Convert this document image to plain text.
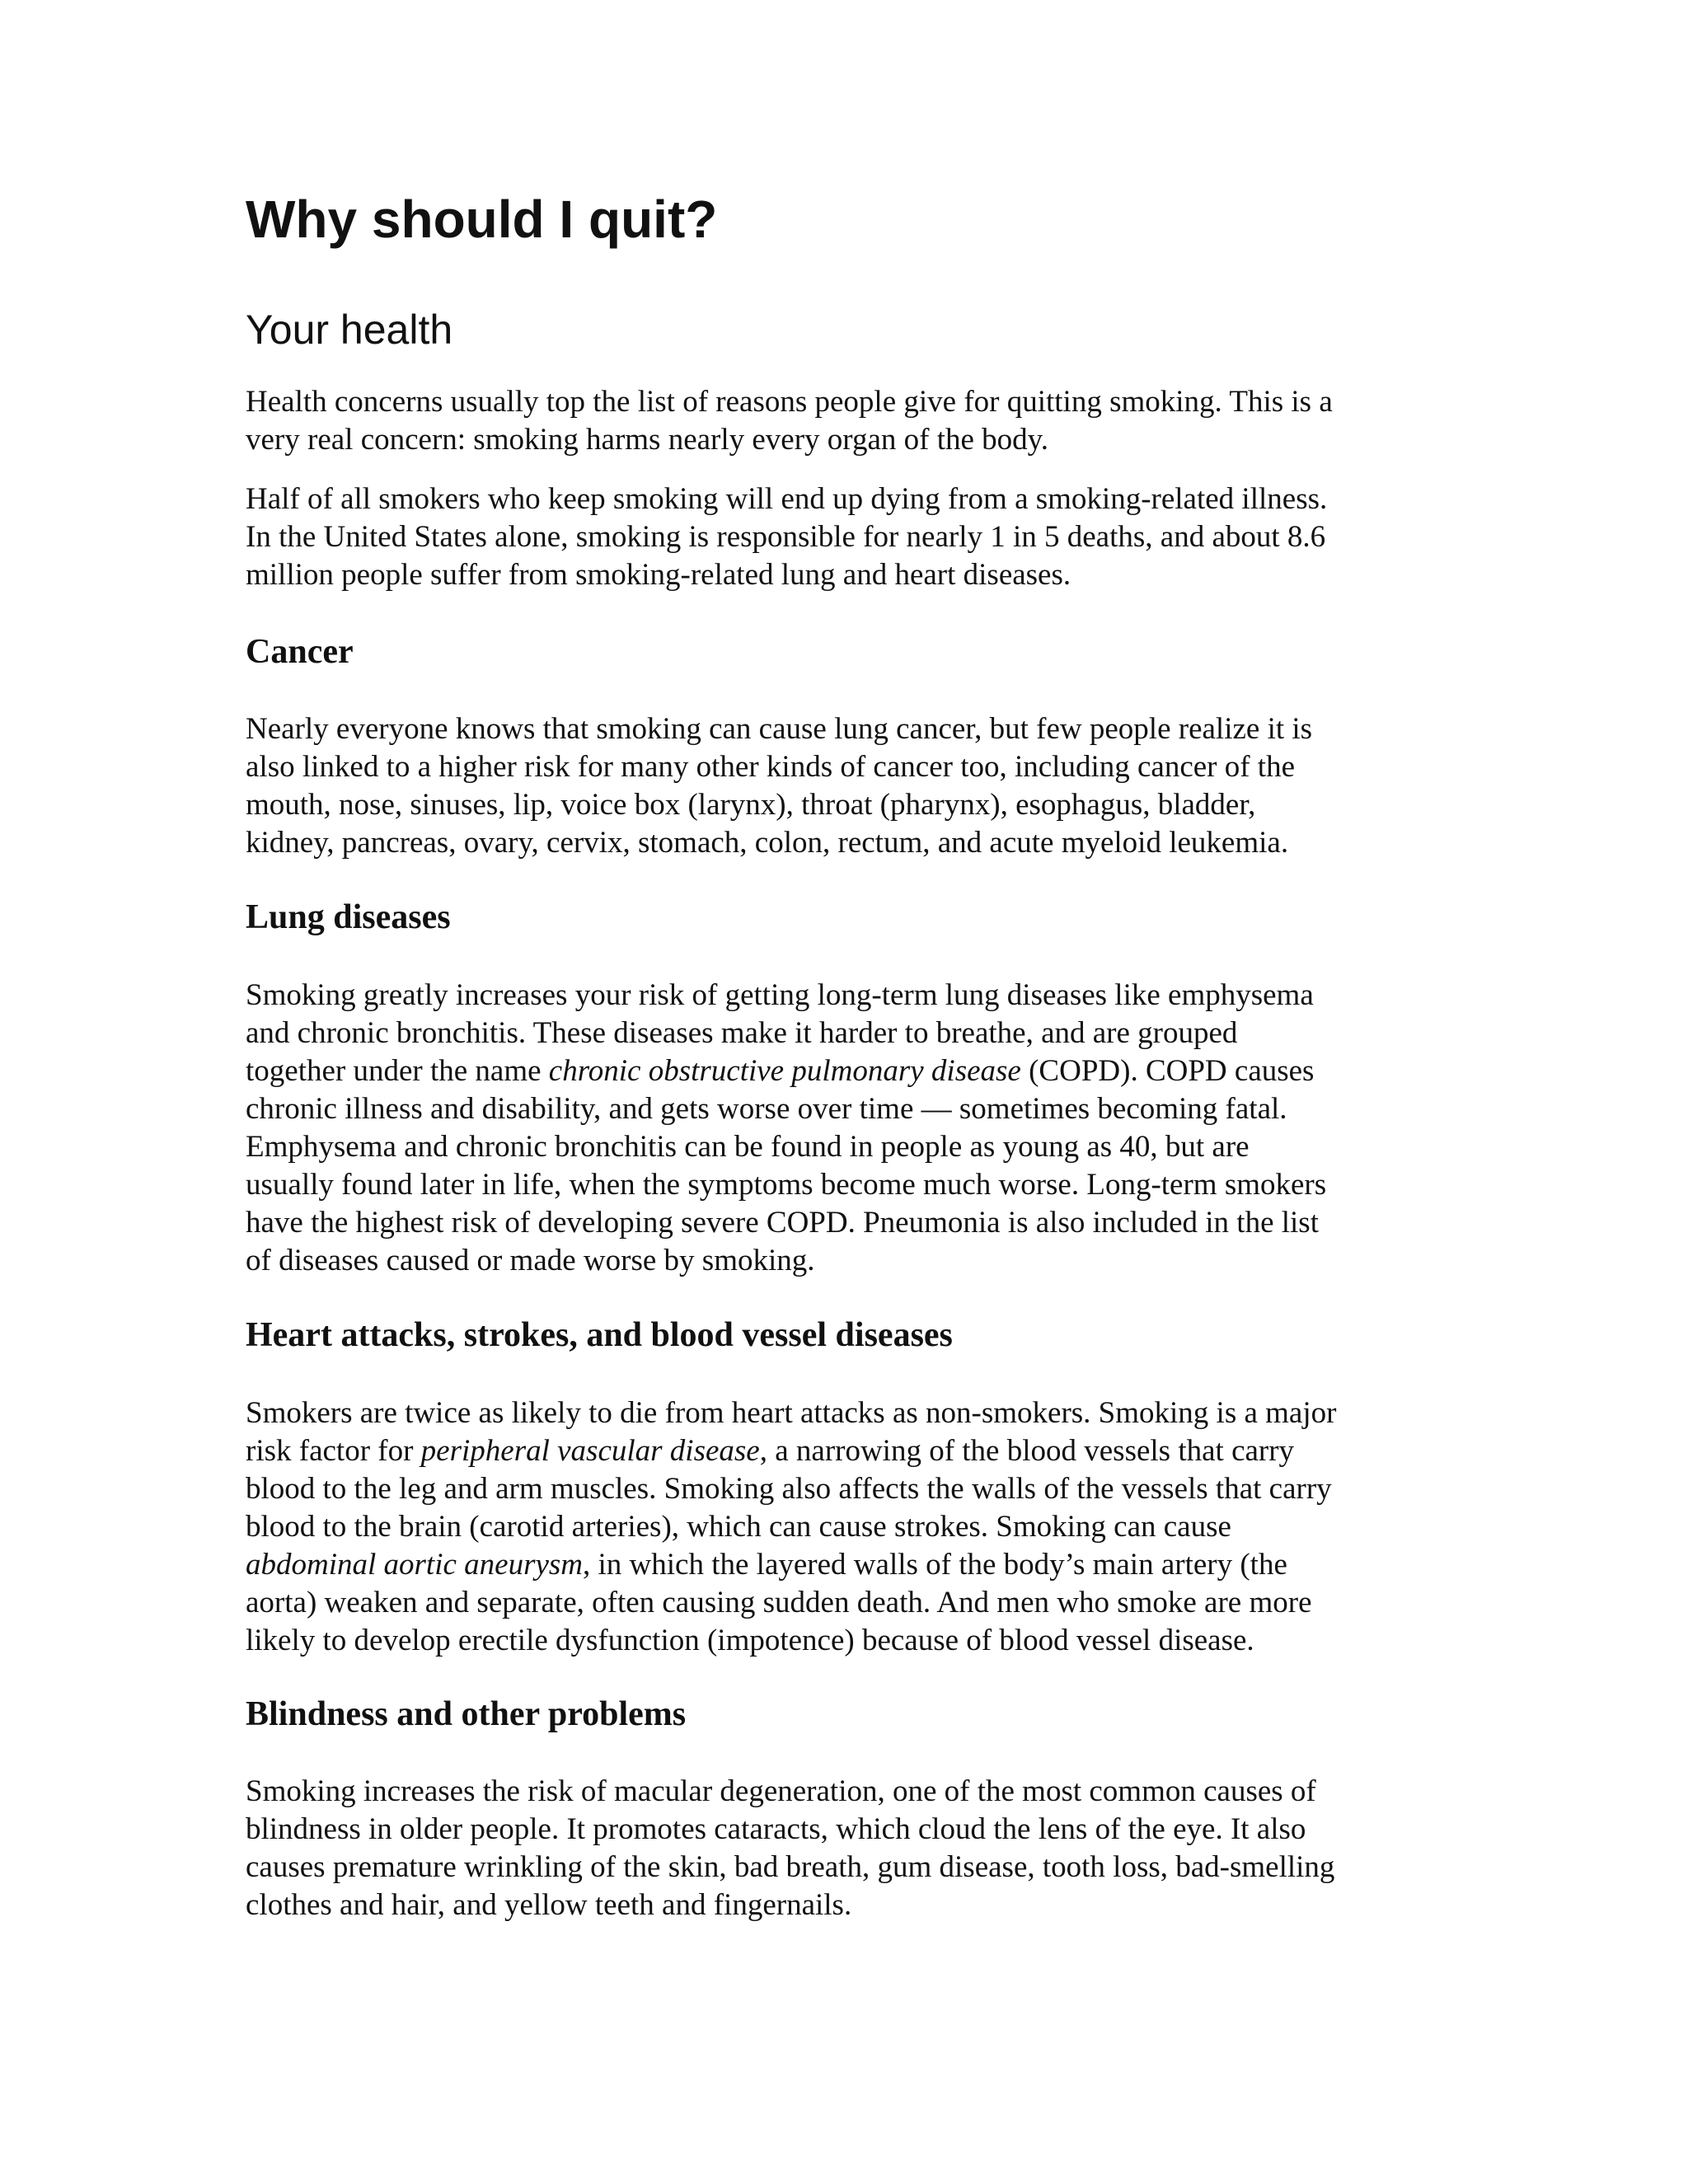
Why should I quit?
Your health

Health concerns usually top the list of reasons people give for quitting smoking. This is a
very real concern: smoking harms nearly every organ of the body.

Half of all smokers who keep smoking will end up dying from a smoking-related illness.
In the United States alone, smoking is responsible for nearly 1 in 5 deaths, and about 8.6
million people suffer from smoking-related lung and heart diseases.

Cancer

Nearly everyone knows that smoking can cause lung cancer, but few people realize it is
also linked to a higher risk for many other kinds of cancer too, including cancer of the
mouth, nose, sinuses, lip, voice box (larynx), throat (pharynx), esophagus, bladder,
kidney, pancreas, ovary, cervix, stomach, colon, rectum, and acute myeloid leukemia.

Lung diseases

Smoking greatly increases your risk of getting long-term lung diseases like emphysema
and chronic bronchitis. These diseases make it harder to breathe, and are grouped
together under the name chronic obstructive pulmonary disease (COPD). COPD causes
chronic illness and disability, and gets worse over time — sometimes becoming fatal.
Emphysema and chronic bronchitis can be found in people as young as 40, but are
usually found later in life, when the symptoms become much worse. Long-term smokers
have the highest risk of developing severe COPD. Pneumonia is also included in the list
of diseases caused or made worse by smoking.

Heart attacks, strokes, and blood vessel diseases

Smokers are twice as likely to die from heart attacks as non-smokers. Smoking is a major
risk factor for peripheral vascular disease, a narrowing of the blood vessels that carry
blood to the leg and arm muscles. Smoking also affects the walls of the vessels that carry
blood to the brain (carotid arteries), which can cause strokes. Smoking can cause
abdominal aortic aneurysm, in which the layered walls of the body’s main artery (the
aorta) weaken and separate, often causing sudden death. And men who smoke are more
likely to develop erectile dysfunction (impotence) because of blood vessel disease.

Blindness and other problems

Smoking increases the risk of macular degeneration, one of the most common causes of
blindness in older people. It promotes cataracts, which cloud the lens of the eye. It also
causes premature wrinkling of the skin, bad breath, gum disease, tooth loss, bad-smelling
clothes and hair, and yellow teeth and fingernails.
